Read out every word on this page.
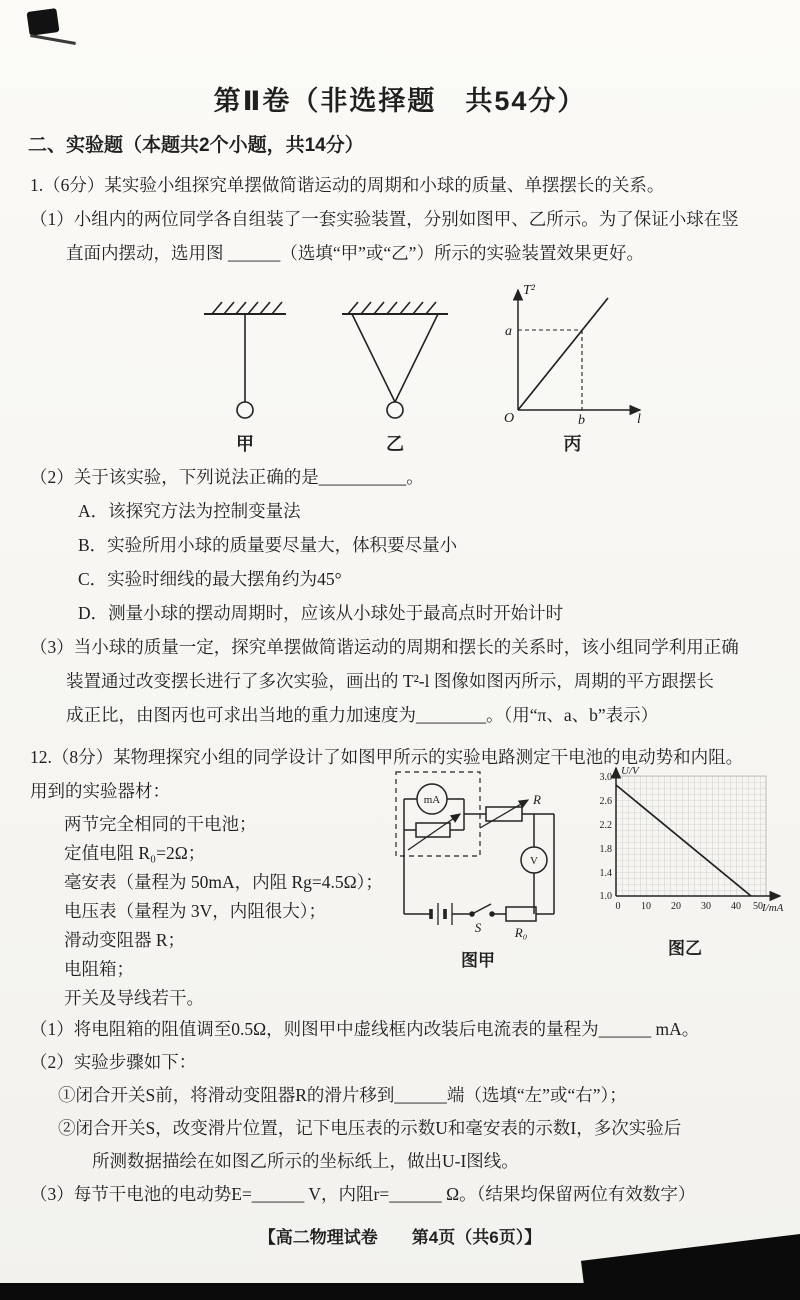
第Ⅱ卷（非选择题　共54分）
二、实验题（本题共2个小题，共14分）

1.（6分）某实验小组探究单摆做简谐运动的周期和小球的质量、单摆摆长的关系。

（1）小组内的两位同学各自组装了一套实验装置，分别如图甲、乙所示。为了保证小球在竖

直面内摆动，选用图 ______（选填“甲”或“乙”）所示的实验装置效果更好。

甲	乙
T²
O
a
b	l
丙

（2）关于该实验，下列说法正确的是__________。

A．该探究方法为控制变量法

B．实验所用小球的质量要尽量大，体积要尽量小

C．实验时细线的最大摆角约为45°

D．测量小球的摆动周期时，应该从小球处于最高点时开始计时

（3）当小球的质量一定，探究单摆做简谐运动的周期和摆长的关系时，该小组同学利用正确

装置通过改变摆长进行了多次实验，画出的 T²-l 图像如图丙所示，周期的平方跟摆长

成正比，由图丙也可求出当地的重力加速度为________。（用“π、a、b”表示）

12.（8分）某物理探究小组的同学设计了如图甲所示的实验电路测定干电池的电动势和内阻。

用到的实验器材：

两节完全相同的干电池；

定值电阻 R₀=2Ω；

毫安表（量程为 50mA，内阻 Rg=4.5Ω）；

电压表（量程为 3V，内阻很大）；

滑动变阻器 R；

电阻箱；

开关及导线若干。

mA	R
V
S	R₀
图甲
U/V
I/mA
3.0
2.6
2.2
1.8
1.4
1.0
0 10 20 30 40 50
图乙

（1）将电阻箱的阻值调至0.5Ω，则图甲中虚线框内改装后电流表的量程为______ mA。

（2）实验步骤如下：

①闭合开关S前，将滑动变阻器R的滑片移到______端（选填“左”或“右”）；

②闭合开关S，改变滑片位置，记下电压表的示数U和毫安表的示数I，多次实验后

所测数据描绘在如图乙所示的坐标纸上，做出U-I图线。

（3）每节干电池的电动势E=______ V，内阻r=______ Ω。（结果均保留两位有效数字）

【高二物理试卷　　第4页（共6页）】
